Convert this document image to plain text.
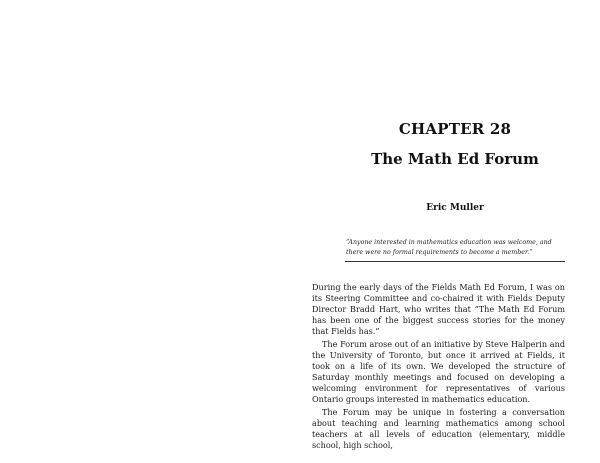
CHAPTER 28
The Math Ed Forum
Eric Muller
“Anyone interested in mathematics education was welcome, and there were no formal requirements to become a member.”

During the early days of the Fields Math Ed Forum, I was on its Steering Committee and co-chaired it with Fields Deputy Director Bradd Hart, who writes that “The Math Ed Forum has been one of the biggest success stories for the money that Fields has.”

The Forum arose out of an initiative by Steve Halperin and the University of Toronto, but once it arrived at Fields, it took on a life of its own. We developed the structure of Saturday monthly meetings and focused on developing a welcoming environment for representatives of various Ontario groups interested in mathematics education.

The Forum may be unique in fostering a conversation about teaching and learning mathematics among school teachers at all levels of education (elementary, middle school, high school,
